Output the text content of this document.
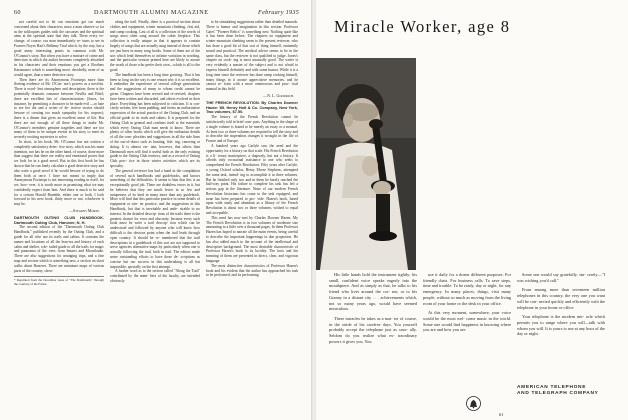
60	DARTMOUTH ALUMNI MAGAZINE	February 1935

not careful not to let our emotions get too much concerned about their characters, must a man observe so far as the soliloquies guides with the carcasses and the spiritual aims at the spiritual state that they talk. There every ex- change, of course; our man immediately re- turns to see in Frances Noyes Hart's Bellamy Trial which, by the way, has a good many interesting points in common with Mr. O'Connor's story. But when you have a mixture of crime and detection in which the author becomes completely absorbed in his characters and their emotions you get a Brothers Karamazov which is something more, decidedly, none of us would agree, than a mere detective story.

Then there are its Anonymous Footsteps more than fleeting evidence of Mr. O'Con- nor's powers as a novelist. There is excel- lent atmosphere and description; there is the potentially dramatic romance between Nevilla and Ethel; there are excellent bits of characterization. (Jones, for instance, by permitting a character to be made evil —or hate to see her die and a writer of de- tective stories should beware of creating too much sympathy for his corpses); there is a dinner that gives an excellent sense of life. But there are not enough of all these things to make Mr. O'Connor's members genuine tragedies and there are too many of them to be unique events in his story to meet its severely exciting mysteries to solve.

In short, in his book, Mr. O'Connor has not written a completely satisfactory detec- tive story, which was his main intention, nor has he on the other hand, of course, done more than suggest that there are reality and emotional power that we look for in a good novel. But in this first book he has shown that he can finely calculate a good detective story and also write a good novel if he would beware of trying to do them both at once. I have not meant to imply that Anonymous Footsteps is not interesting reading in itself, for we, how- ever, it is worth more as promising what we may confidently expect from him. And there is much to be said for a certain Harold Bramble, either one or both, I look forward to his next book, thirty more or not, whichever it may be.

—Stearns Morse.

DARTMOUTH OUTING CLUB HANDBOOK. Dartmouth Outing Club, Hanover, N. H.

The second edition of the "Dartmouth Outing Club Handbook," published recently by the Outing Club, and a guide for all who use its trails and cabins. It contains the names and locations of all the lean-tos and history of each cabin and shelter, a de- tailed guide to all the trails for magic and panorama of the view from Smarts and Moosilauke. There are also suggestions for arranging trips, and a fine map and section which is something new, a section on short walks about Hanover. There are miniature maps of various parts of the country, show-

* Reprinted from the December issue of "The Dartmouth," through the courtesy of the Editor.

along the trail. Finally, there is a practical section about clothes and equipment, winter mountain climbing, first aid, and camp cooking. Last of all is a collection of the words of songs most often sung around the cabin fireplace. This collection is really unique in that it appears to contain largely of songs that are actually sung instead of those which are just lines in many song books. Some of them are of the sort which lend themselves to infinite variation in wording, and the particular version printed here are likely to arouse the wrath of those who prefer their own—which is all to the good.

The handbook has been a long time growing. That it has been so long on the way is one reason why it is so excellent. It embodies the experience of several college generations and the suggestions of many to whom credit cannot be given. Chapters have been revised and re-revised; chapters have been written and discarded, and others evolved in their place. Everything has been subjected to criticism. It is con- cisely written, free from padding, and forms an authoritative expression of the actual practice of the Outing Club, and an official guide to its trails and cabins. It is prepared for the Outing Club in general and confines itself to the essentials which every Outing Club man needs to know. There are plenty of other books which will give the enthusiast details of all the com- plexities and suggestions in all the side lines of the out-of-doors such as hunting, fish- ing, canoeing or skiing. It is almost cer- tain, however, that others than Dartmouth men will find it useful both as the only existing guide to the Outing Club territory, and as a record of Outing Club prac- tice in those winter activities which are its specialty.

The general reviewer has had a hand in the compilation of several such handbooks and guidebooks, and knows something of the difficulties. It seems to him that this is an exceptionally good job. There are doubtless errors in it, but he believes that they are much fewer in so few and uniqueness of its kind in many more than any guidebook. More will find that this particular practice in some details of equipment or win- ter practice, and the suggestions in this Handbook, but that is inevitable and unde- sirable to no interest. In the detailed descrip- tions of the trails there is the greatest chance for error and obscurity, because every such book must be write a trail descrip- tion which can be understood and followed by anyone who will know how difficult is the obvious point when the trail leads through open country. It should be re- membered that the trail descriptions in a guidebook of this sort are not supposed to serve agencies alternative maps by particularly when one is actually following the trail, both in trail. The editors made some outstanding efforts to have these de- scriptions as concise but our success in this undertaking is all but impossible, specially on the first attempt.

A further word as to the section called "Along the Trail" contributed by the mem- bers of the faculty, are intended obviously

to be stimulating suggestions rather than detailed manuals. There is humor and imagination in this section. Professor Gates' "Pioneer Relics" is something new. Nothing quite like it has been done before. The chapters on equipment and winter mountain climbing seem to the present reviewer, who has done a good bit of that sort of thing himself, eminently sound and practical. The medical advice seems to be in the same class, but the reviewer is not qualified to judge. Jones's chapter on cook- ing is most unusually good. The writer is very evidently a master of the subject and is not afraid to express himself definitely and with some humor. While it is a long time since the reviewer has done camp cooking himself, many things in it arouse appreciative memories, and he cannot re- frain with a more omnivorous and prac- tical manual in this field.

—N. L. Goodrich.

THE FRENCH REVOLUTION. By Charles Downer Hazen '85. Henry Holt & Co. Company, New York, Two volumes, $7.50.

The history of the French Revolution cannot be satisfactorily told in brief com- pass. Anything in the shape of a single volume is bound to be merely an essay or a manual. At least two or three volumes are required to tell the story and to describe the stupendous changes it wrought in the life of France and of Europe.

A hundred years ago Carlyle saw the need and the opportunity for a history on that scale. His French Revolution is a li- terary masterpiece, a rhapsody, but not a history. It affords only occasional assistance to one who seeks to comprehend the French Revolution. Fifty years after Carlyle, a young Oxford scholar, Henry Morse Stephens, attempted the same task, intend- ing to accomplish it in three volumes. But he finished only two and in them he barely reached the half-way point. His failure to complete his task has left a serious gap in the literature. None of our modern French Revolution historians has come to the task equipped, and none has been prepared to pro- vide. Hazen's book, based upon wide study and abundant as a library of the French Revolution is about two or three volumes, wished to equal and acceptable.

This need has now met by Charles Downer Hazen. My The French Revolution is in two volumes of moderate size amounting to a little over a thousand pages. In them Professor Hazen has hoped to narrate all the main events, being careful to describe the important happenings in due proportion. He has also added much to the account of the intellectual and descriptive background. The most desirable characteristic of Professor Hazen's book is its lucidity. The facts and the meaning of them are presented in direct, clear, and vigorous language.

The most distinctive characteristics of Professor Hazen's book and his evident that the author has approached his task to be performed, and its performing

Miracle Worker, age 8

His little hands hold the instrument tightly; his small, confident voice speaks eagerly into the mouthpiece. And as simply as that, he talks to his friend who lives around the cor- ner, or to his Granny in a distant city . . . achievements which, not so many years ago, would have seemed miraculous.

These miracles he takes as a mat- ter of course, in the stride of his carefree days. You yourself probably accept the telephone just as casu- ally. Seldom do you realize what ex- traordinary powers it gives you. You

use it daily for a dozen different purposes. For friendly chats. For business calls. To save steps, time and trouble. To be ready, day or night, for any emergency. In many places, things, visit many people, without so much as moving from the living room of your home or the desk in your office.

At this very moment, somewhere, your voice would be the most wel- come music in the world. Some one would find happiness in knowing where you are and how you are.

Some one would say gratefully, sin- cerely—"I was wishing you'd call."

From among more than seventeen million telephones in this country, the very one you want will be con- nected quickly and efficiently with the telephone in your home or office.

Your telephone is the modern mir- acle which permits you to range where you will—talk with whom you will. It is yours to use at any hour of the day or night.

AMERICAN TELEPHONE
AND TELEGRAPH COMPANY
61
